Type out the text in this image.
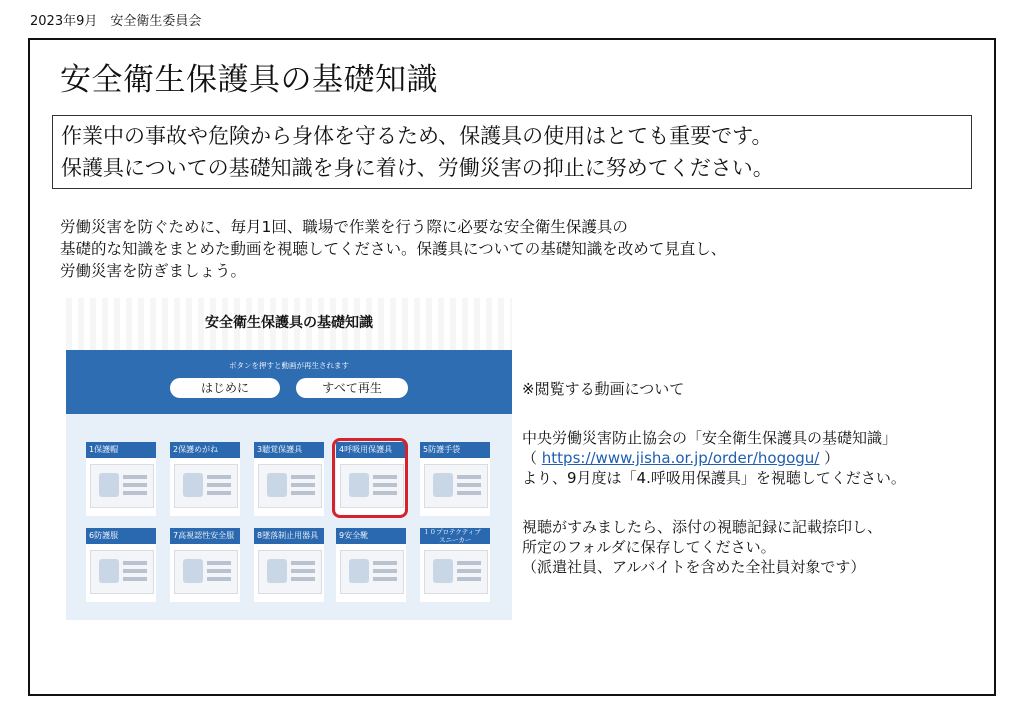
2023年9月　安全衛生委員会
安全衛生保護具の基礎知識
作業中の事故や危険から身体を守るため、保護具の使用はとても重要です。
保護具についての基礎知識を身に着け、労働災害の抑止に努めてください。
労働災害を防ぐために、毎月1回、職場で作業を行う際に必要な安全衛生保護具の
基礎的な知識をまとめた動画を視聴してください。保護具についての基礎知識を改めて見直し、
労働災害を防ぎましょう。
安全衛生保護具の基礎知識
ボタンを押すと動画が再生されます
はじめに	すべて再生
1保護帽	2保護めがね	3聴覚保護具	4呼吸用保護具	5防護手袋
6防護服	7高視認性安全服	8墜落制止用器具	9安全靴	１０プロテクティブ
スニーカー
※閲覧する動画について
中央労働災害防止協会の「安全衛生保護具の基礎知識」
（ https://www.jisha.or.jp/order/hogogu/ ）
より、9月度は「4.呼吸用保護具」を視聴してください。
視聴がすみましたら、添付の視聴記録に記載捺印し、
所定のフォルダに保存してください。
（派遣社員、アルバイトを含めた全社員対象です）
